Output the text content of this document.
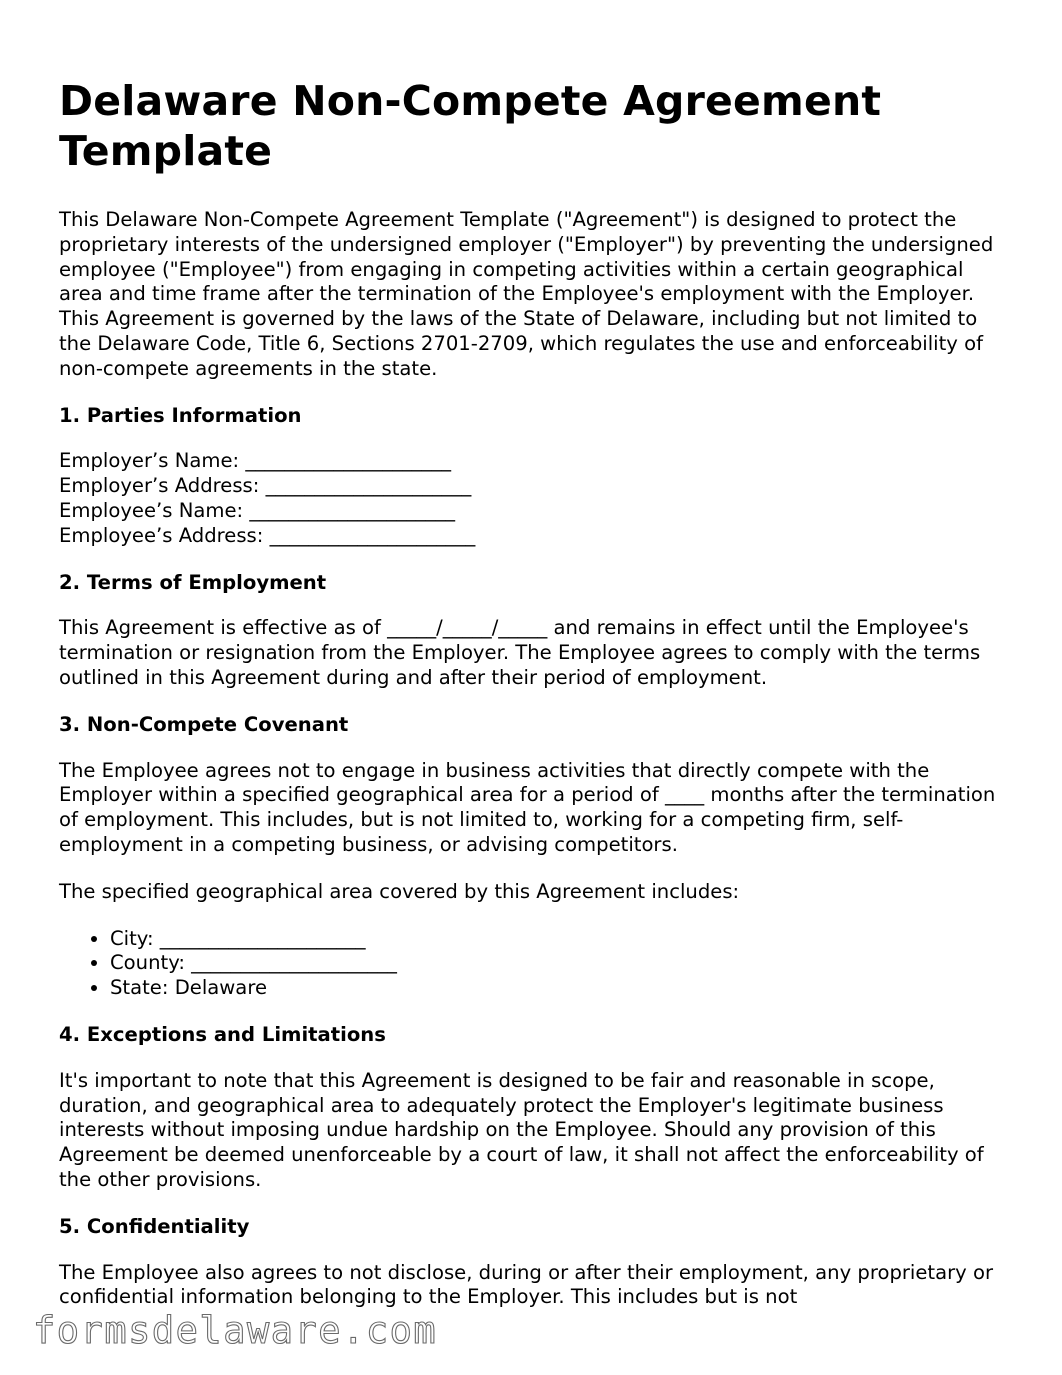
Delaware Non-Compete Agreement Template

This Delaware Non-Compete Agreement Template ("Agreement") is designed to protect the proprietary interests of the undersigned employer ("Employer") by preventing the undersigned employee ("Employee") from engaging in competing activities within a certain geographical area and time frame after the termination of the Employee's employment with the Employer. This Agreement is governed by the laws of the State of Delaware, including but not limited to the Delaware Code, Title 6, Sections 2701-2709, which regulates the use and enforceability of non-compete agreements in the state.

1. Parties Information
Employer’s Name: _____________________
Employer’s Address: _____________________
Employee’s Name: _____________________
Employee’s Address: _____________________
2. Terms of Employment

This Agreement is effective as of _____/_____/_____ and remains in effect until the Employee's termination or resignation from the Employer. The Employee agrees to comply with the terms outlined in this Agreement during and after their period of employment.

3. Non-Compete Covenant

The Employee agrees not to engage in business activities that directly compete with the Employer within a specified geographical area for a period of ____ months after the termination of employment. This includes, but is not limited to, working for a competing firm, self-employment in a competing business, or advising competitors.

The specified geographical area covered by this Agreement includes:

• City: _____________________
• County: _____________________
• State: Delaware
4. Exceptions and Limitations

It's important to note that this Agreement is designed to be fair and reasonable in scope, duration, and geographical area to adequately protect the Employer's legitimate business interests without imposing undue hardship on the Employee. Should any provision of this Agreement be deemed unenforceable by a court of law, it shall not affect the enforceability of the other provisions.

5. Confidentiality

The Employee also agrees to not disclose, during or after their employment, any proprietary or confidential information belonging to the Employer. This includes but is not

formsdelaware.com
